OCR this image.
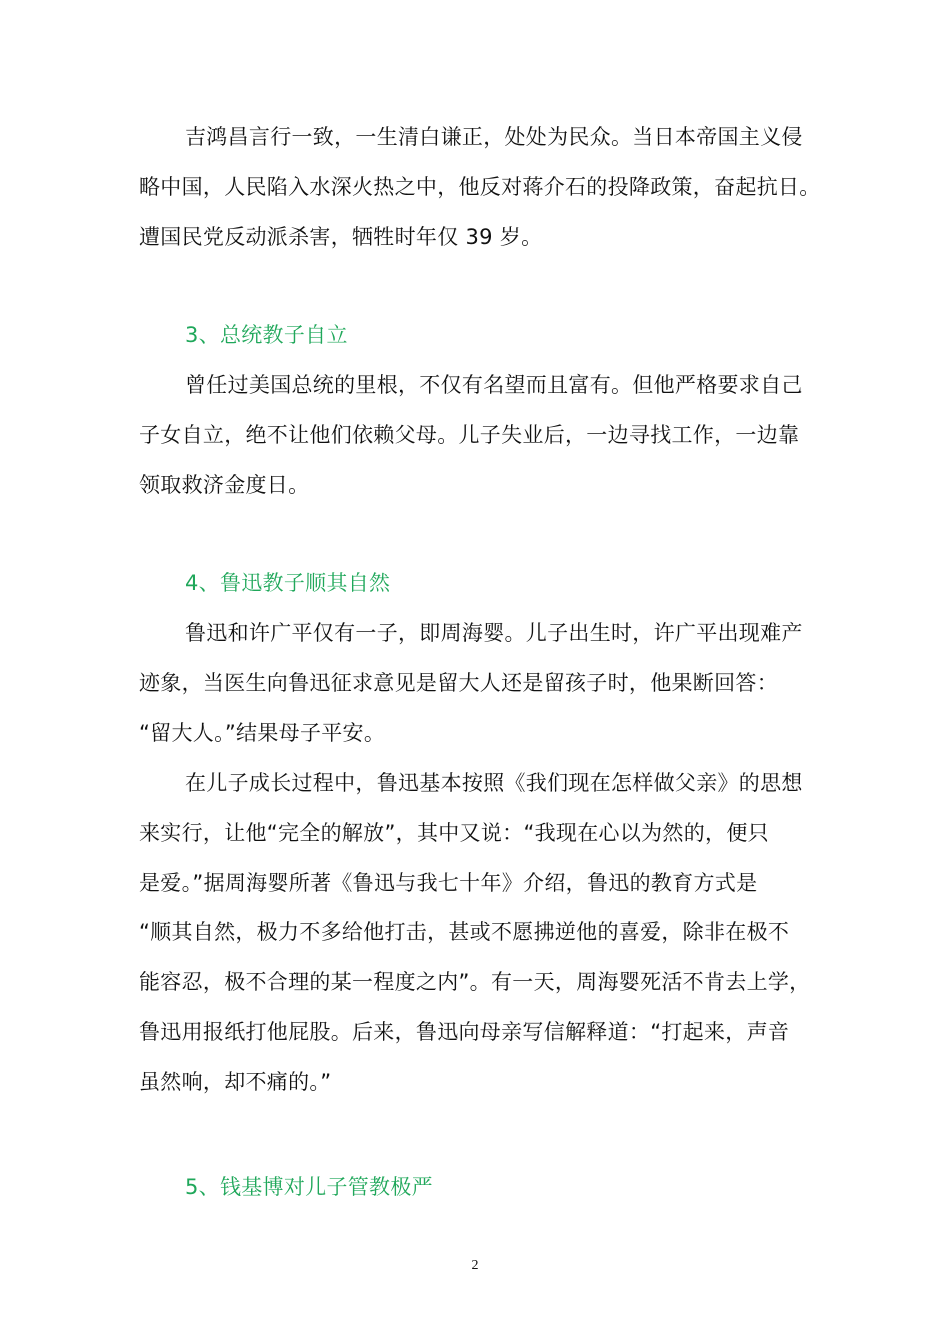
吉鸿昌言行一致，一生清白谦正，处处为民众。当日本帝国主义侵
略中国，人民陷入水深火热之中，他反对蒋介石的投降政策，奋起抗日。
遭国民党反动派杀害，牺牲时年仅 39 岁。
3、总统教子自立
曾任过美国总统的里根，不仅有名望而且富有。但他严格要求自己
子女自立，绝不让他们依赖父母。儿子失业后，一边寻找工作，一边靠
领取救济金度日。
4、鲁迅教子顺其自然
鲁迅和许广平仅有一子，即周海婴。儿子出生时，许广平出现难产
迹象，当医生向鲁迅征求意见是留大人还是留孩子时，他果断回答：
“留大人。”结果母子平安。
在儿子成长过程中，鲁迅基本按照《我们现在怎样做父亲》的思想
来实行，让他“完全的解放”，其中又说：“我现在心以为然的，便只
是爱。”据周海婴所著《鲁迅与我七十年》介绍，鲁迅的教育方式是
“顺其自然，极力不多给他打击，甚或不愿拂逆他的喜爱，除非在极不
能容忍，极不合理的某一程度之内”。有一天，周海婴死活不肯去上学，
鲁迅用报纸打他屁股。后来，鲁迅向母亲写信解释道：“打起来，声音
虽然响，却不痛的。”
5、钱基博对儿子管教极严
2
